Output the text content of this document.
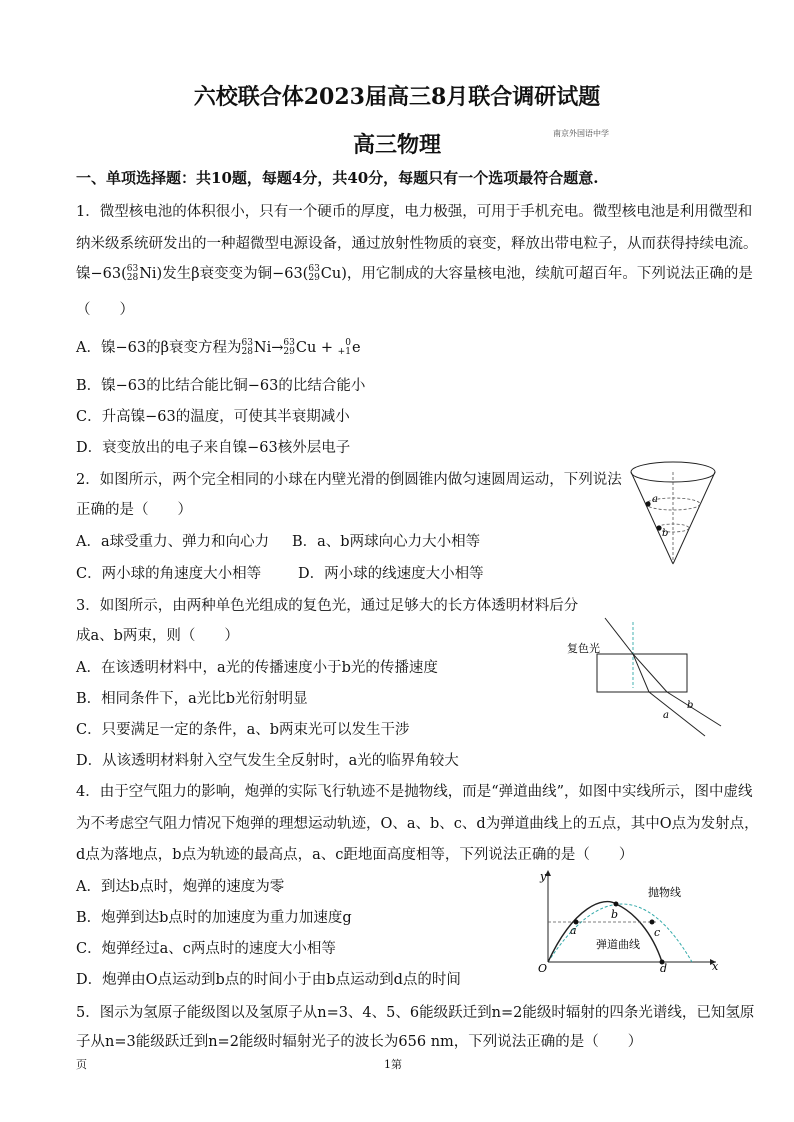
六校联合体2023届高三8月联合调研试题
高三物理	南京外国语中学
一、单项选择题：共10题，每题4分，共40分，每题只有一个选项最符合题意.
1．微型核电池的体积很小，只有一个硬币的厚度，电力极强，可用于手机充电。微型核电池是利用微型和
纳米级系统研发出的一种超微型电源设备，通过放射性物质的衰变，释放出带电粒子，从而获得持续电流。
镍−63(63
28Ni)发生β衰变变为铜−63(63
29Cu)，用它制成的大容量核电池，续航可超百年。下列说法正确的是
（　　）
A．镍−63的β衰变方程为63
28Ni→63
29Cu + 0
+1e
B．镍−63的比结合能比铜−63的比结合能小
C．升高镍−63的温度，可使其半衰期减小
D．衰变放出的电子来自镍−63核外层电子
2．如图所示，两个完全相同的小球在内壁光滑的倒圆锥内做匀速圆周运动，下列说法
正确的是（　　）
A．a球受重力、弹力和向心力 B．a、b两球向心力大小相等
C．两小球的角速度大小相等	D．两小球的线速度大小相等
a
b
3．如图所示，由两种单色光组成的复色光，通过足够大的长方体透明材料后分
成a、b两束，则（　　）
A．在该透明材料中，a光的传播速度小于b光的传播速度
B．相同条件下，a光比b光衍射明显
C．只要满足一定的条件，a、b两束光可以发生干涉
D．从该透明材料射入空气发生全反射时，a光的临界角较大
复色光
a
b
4．由于空气阻力的影响，炮弹的实际飞行轨迹不是抛物线，而是“弹道曲线”，如图中实线所示，图中虚线
为不考虑空气阻力情况下炮弹的理想运动轨迹，O、a、b、c、d为弹道曲线上的五点，其中O点为发射点，
d点为落地点，b点为轨迹的最高点，a、c距地面高度相等，下列说法正确的是（　　）
A．到达b点时，炮弹的速度为零
B．炮弹到达b点时的加速度为重力加速度g
C．炮弹经过a、c两点时的速度大小相等
D．炮弹由O点运动到b点的时间小于由b点运动到d点的时间
y
x
O
a
b
c
d
抛物线
弹道曲线
5．图示为氢原子能级图以及氢原子从n=3、4、5、6能级跃迁到n=2能级时辐射的四条光谱线，已知氢原
子从n=3能级跃迁到n=2能级时辐射光子的波长为656 nm，下列说法正确的是（　　）
页	1第
